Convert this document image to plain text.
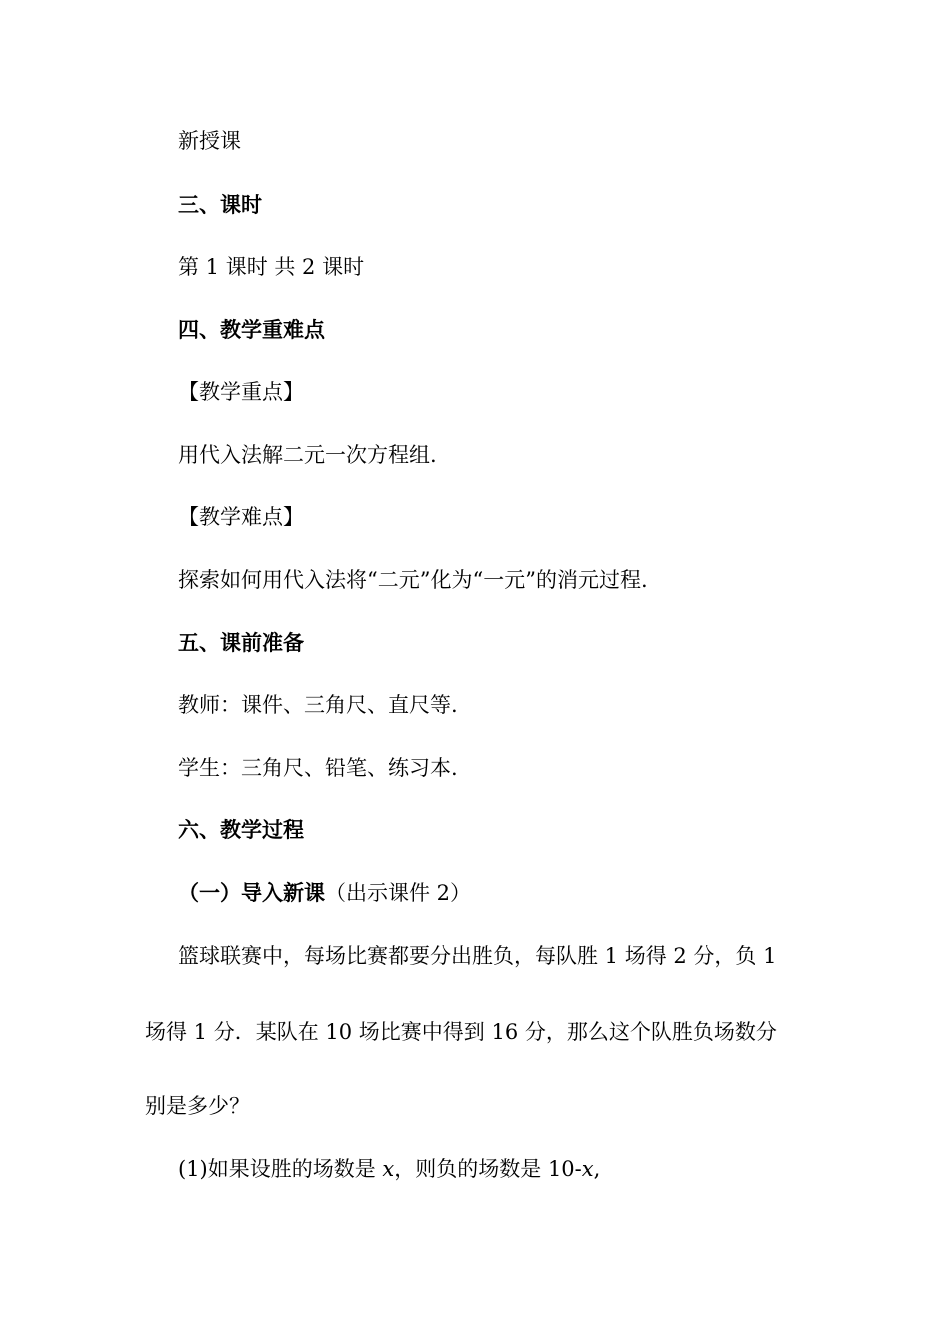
新授课
三、课时
第 1 课时 共 2 课时
四、教学重难点
【教学重点】
用代入法解二元一次方程组.
【教学难点】
探索如何用代入法将“二元”化为“一元”的消元过程.
五、课前准备
教师：课件、三角尺、直尺等.
学生：三角尺、铅笔、练习本.
六、教学过程
（一）导入新课（出示课件 2）
篮球联赛中，每场比赛都要分出胜负，每队胜 1 场得 2 分，负 1
场得 1 分．某队在 10 场比赛中得到 16 分，那么这个队胜负场数分
别是多少？
(1)如果设胜的场数是 x，则负的场数是 10-x,
